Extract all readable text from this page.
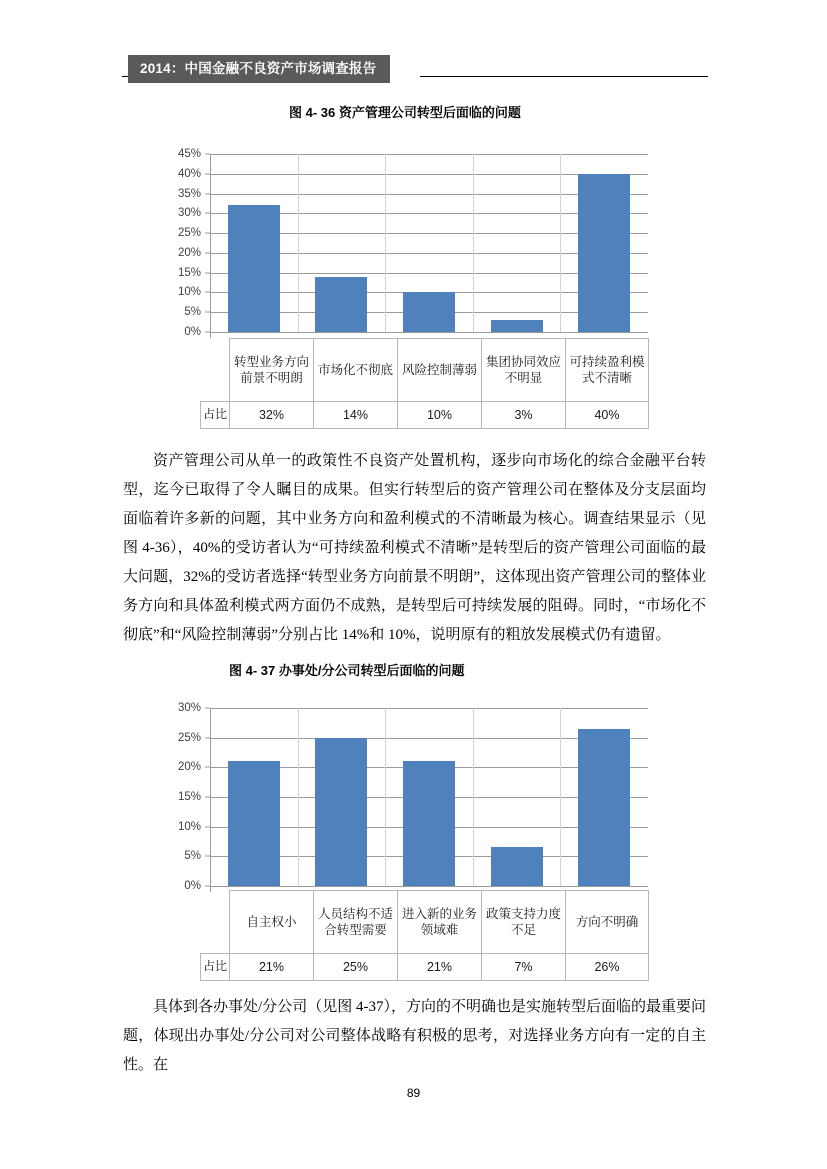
2014：中国金融不良资产市场调查报告
图 4- 36 资产管理公司转型后面临的问题
0%
5%
10%
15%
20%
25%
30%
35%
40%
45%
	转型业务方向前景不明朗	市场化不彻底	风险控制薄弱	集团协同效应不明显	可持续盈利模式不清晰
占比	32%	14%	10%	3%	40%
资产管理公司从单一的政策性不良资产处置机构，逐步向市场化的综合金融平台转型，迄今已取得了令人瞩目的成果。但实行转型后的资产管理公司在整体及分支层面均面临着许多新的问题，其中业务方向和盈利模式的不清晰最为核心。调查结果显示（见图 4-36），40%的受访者认为“可持续盈利模式不清晰”是转型后的资产管理公司面临的最大问题，32%的受访者选择“转型业务方向前景不明朗”，这体现出资产管理公司的整体业务方向和具体盈利模式两方面仍不成熟，是转型后可持续发展的阻碍。同时，“市场化不彻底”和“风险控制薄弱”分别占比 14%和 10%，说明原有的粗放发展模式仍有遗留。
图 4- 37 办事处/分公司转型后面临的问题
0%
5%
10%
15%
20%
25%
30%
	自主权小	人员结构不适合转型需要	进入新的业务领域难	政策支持力度不足	方向不明确
占比	21%	25%	21%	7%	26%
具体到各办事处/分公司（见图 4-37），方向的不明确也是实施转型后面临的最重要问题，体现出办事处/分公司对公司整体战略有积极的思考，对选择业务方向有一定的自主性。在
89
